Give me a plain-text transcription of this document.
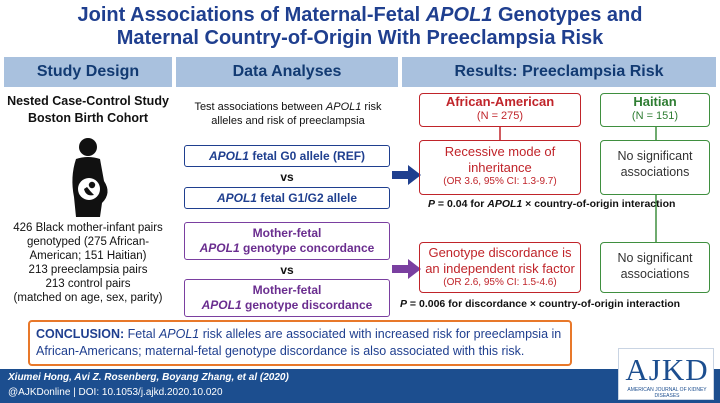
Joint Associations of Maternal-Fetal APOL1 Genotypes and
Maternal Country-of-Origin With Preeclampsia Risk
Study Design	Data Analyses	Results: Preeclampsia Risk
Nested Case-Control Study
Boston Birth Cohort
426 Black mother-infant pairs genotyped (275 African-American; 151 Haitian)
213 preeclampsia pairs
213 control pairs
(matched on age, sex, parity)
Test associations between APOL1 risk alleles and risk of preeclampsia
APOL1 fetal G0 allele (REF)
vs
APOL1 fetal G1/G2 allele
Mother-fetal
APOL1 genotype concordance
vs
Mother-fetal
APOL1 genotype discordance
African-American
(N = 275)
Haitian
(N = 151)
Recessive mode of inheritance
(OR 3.6, 95% CI: 1.3-9.7)
No significant associations
P = 0.04 for APOL1 × country-of-origin interaction
Genotype discordance is an independent risk factor
(OR 2.6, 95% CI: 1.5-4.6)
No significant associations
P = 0.006 for discordance × country-of-origin interaction
Xiumei Hong, Avi Z. Rosenberg, Boyang Zhang, et al (2020)
@AJKDonline | DOI: 10.1053/j.ajkd.2020.10.020
AJKD
AMERICAN JOURNAL OF KIDNEY DISEASES
CONCLUSION: Fetal APOL1 risk alleles are associated with increased risk for preeclampsia in African-Americans; maternal-fetal genotype discordance is also associated with this risk.
